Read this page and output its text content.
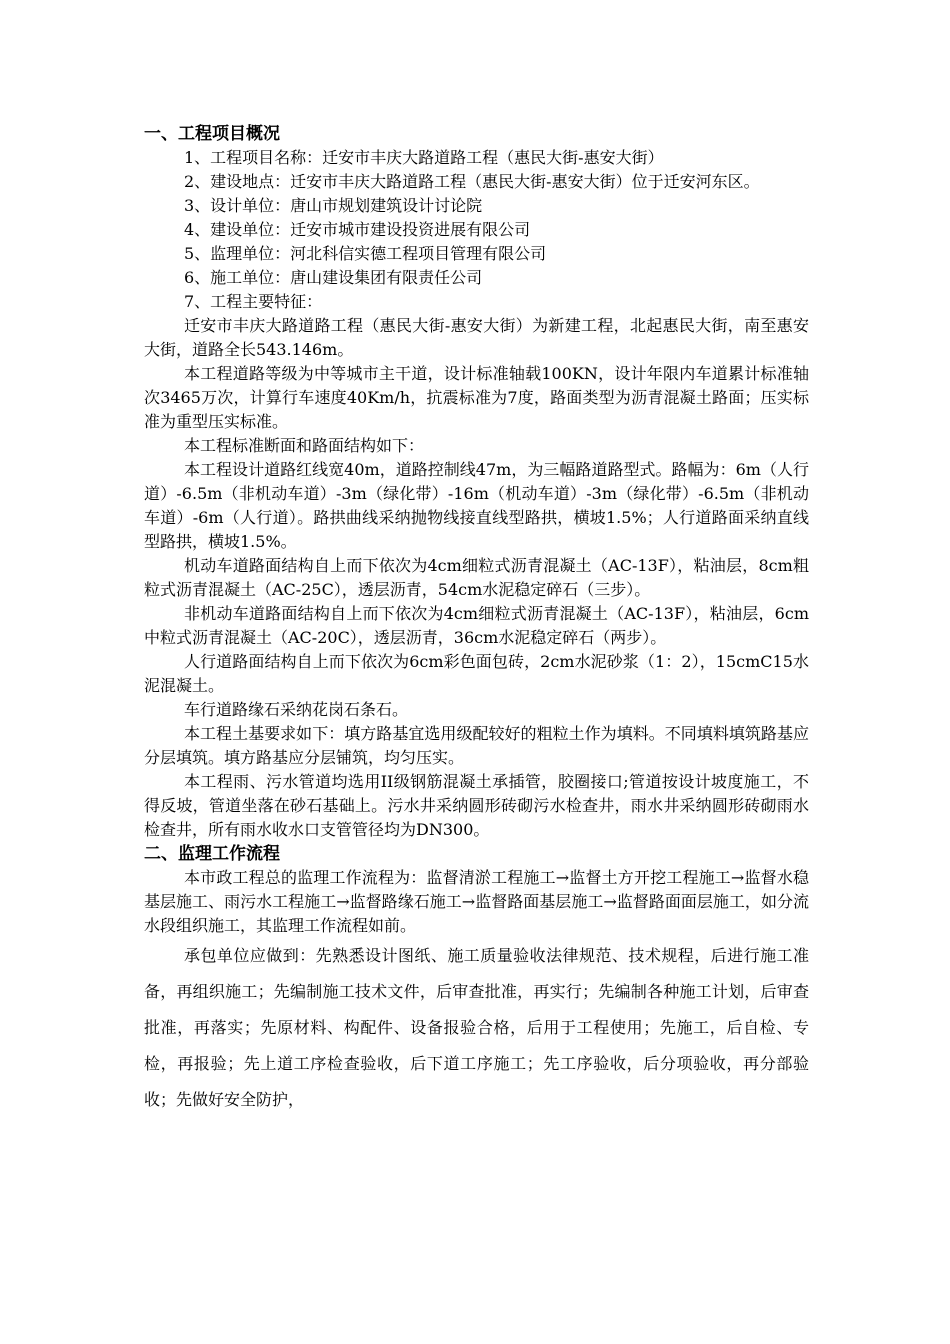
一、工程项目概况

1、工程项目名称：迁安市丰庆大路道路工程（惠民大街-惠安大街）

2、建设地点：迁安市丰庆大路道路工程（惠民大街-惠安大街）位于迁安河东区。

3、设计单位：唐山市规划建筑设计讨论院

4、建设单位：迁安市城市建设投资进展有限公司

5、监理单位：河北科信实德工程项目管理有限公司

6、施工单位：唐山建设集团有限责任公司

7、工程主要特征：

迁安市丰庆大路道路工程（惠民大街-惠安大街）为新建工程，北起惠民大街，南至惠安大街，道路全长543.146m。

本工程道路等级为中等城市主干道，设计标准轴载100KN，设计年限内车道累计标准轴次3465万次，计算行车速度40Km/h，抗震标准为7度，路面类型为沥青混凝土路面；压实标准为重型压实标准。

本工程标准断面和路面结构如下：

本工程设计道路红线宽40m，道路控制线47m，为三幅路道路型式。路幅为：6m（人行道）-6.5m（非机动车道）-3m（绿化带）-16m（机动车道）-3m（绿化带）-6.5m（非机动车道）-6m（人行道）。路拱曲线采纳抛物线接直线型路拱，横坡1.5%；人行道路面采纳直线型路拱，横坡1.5%。

机动车道路面结构自上而下依次为4cm细粒式沥青混凝土（AC-13F），粘油层，8cm粗粒式沥青混凝土（AC-25C），透层沥青，54cm水泥稳定碎石（三步）。

非机动车道路面结构自上而下依次为4cm细粒式沥青混凝土（AC-13F），粘油层，6cm中粒式沥青混凝土（AC-20C），透层沥青，36cm水泥稳定碎石（两步）。

人行道路面结构自上而下依次为6cm彩色面包砖，2cm水泥砂浆（1：2），15cmC15水泥混凝土。

车行道路缘石采纳花岗石条石。

本工程土基要求如下：填方路基宜选用级配较好的粗粒土作为填料。不同填料填筑路基应分层填筑。填方路基应分层铺筑，均匀压实。

本工程雨、污水管道均选用II级钢筋混凝土承插管，胶圈接口;管道按设计坡度施工，不得反坡，管道坐落在砂石基础上。污水井采纳圆形砖砌污水检查井，雨水井采纳圆形砖砌雨水检查井，所有雨水收水口支管管径均为DN300。

二、监理工作流程

本市政工程总的监理工作流程为：监督清淤工程施工→监督土方开挖工程施工→监督水稳基层施工、雨污水工程施工→监督路缘石施工→监督路面基层施工→监督路面面层施工，如分流水段组织施工，其监理工作流程如前。

承包单位应做到：先熟悉设计图纸、施工质量验收法律规范、技术规程，后进行施工准备，再组织施工；先编制施工技术文件，后审查批准，再实行；先编制各种施工计划，后审查批准，再落实；先原材料、构配件、设备报验合格，后用于工程使用；先施工，后自检、专检，再报验；先上道工序检查验收，后下道工序施工；先工序验收，后分项验收，再分部验收；先做好安全防护，
